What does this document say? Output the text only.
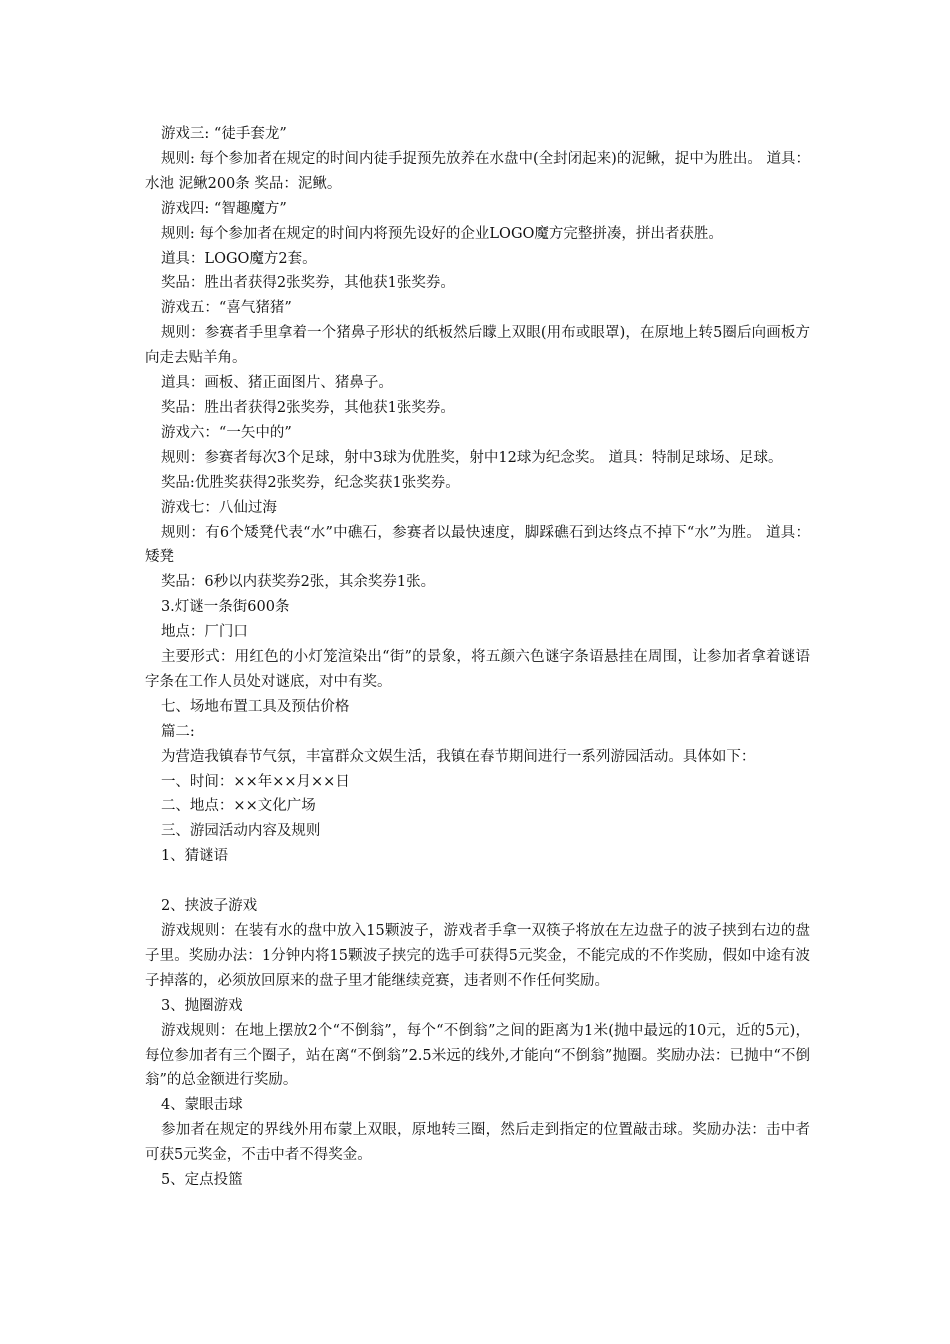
游戏三: “徒手套龙”

规则: 每个参加者在规定的时间内徒手捉预先放养在水盘中(全封闭起来)的泥鳅，捉中为胜出。 道具：水池 泥鳅200条 奖品：泥鳅。

游戏四: “智趣魔方”

规则: 每个参加者在规定的时间内将预先设好的企业LOGO魔方完整拼凑，拼出者获胜。

道具：LOGO魔方2套。

奖品：胜出者获得2张奖券，其他获1张奖券。

游戏五：“喜气猪猪”

规则：参赛者手里拿着一个猪鼻子形状的纸板然后矇上双眼(用布或眼罩)，在原地上转5圈后向画板方向走去贴羊角。

道具：画板、猪正面图片、猪鼻子。

奖品：胜出者获得2张奖券，其他获1张奖券。

游戏六：“一矢中的”

规则：参赛者每次3个足球，射中3球为优胜奖，射中12球为纪念奖。 道具：特制足球场、足球。

奖品:优胜奖获得2张奖券，纪念奖获1张奖券。

游戏七：八仙过海

规则：有6个矮凳代表“水”中礁石，参赛者以最快速度，脚踩礁石到达终点不掉下“水”为胜。 道具：矮凳

奖品：6秒以内获奖券2张，其余奖券1张。

3.灯谜一条街600条

地点：厂门口

主要形式：用红色的小灯笼渲染出“街”的景象，将五颜六色谜字条语悬挂在周围，让参加者拿着谜语字条在工作人员处对谜底，对中有奖。

七、场地布置工具及预估价格

篇二:

为营造我镇春节气氛，丰富群众文娱生活，我镇在春节期间进行一系列游园活动。具体如下：

一、时间：××年××月××日

二、地点：××文化广场

三、游园活动内容及规则

1、猜谜语

2、挟波子游戏

游戏规则：在装有水的盘中放入15颗波子，游戏者手拿一双筷子将放在左边盘子的波子挟到右边的盘子里。奖励办法：1分钟内将15颗波子挟完的选手可获得5元奖金，不能完成的不作奖励，假如中途有波子掉落的，必须放回原来的盘子里才能继续竞赛，违者则不作任何奖励。

3、抛圈游戏

游戏规则：在地上摆放2个“不倒翁”，每个“不倒翁”之间的距离为1米(抛中最远的10元，近的5元)，每位参加者有三个圈子，站在离“不倒翁”2.5米远的线外,才能向“不倒翁”抛圈。奖励办法：已抛中“不倒翁”的总金额进行奖励。

4、蒙眼击球

参加者在规定的界线外用布蒙上双眼，原地转三圈，然后走到指定的位置敲击球。奖励办法：击中者可获5元奖金，不击中者不得奖金。

5、定点投篮
